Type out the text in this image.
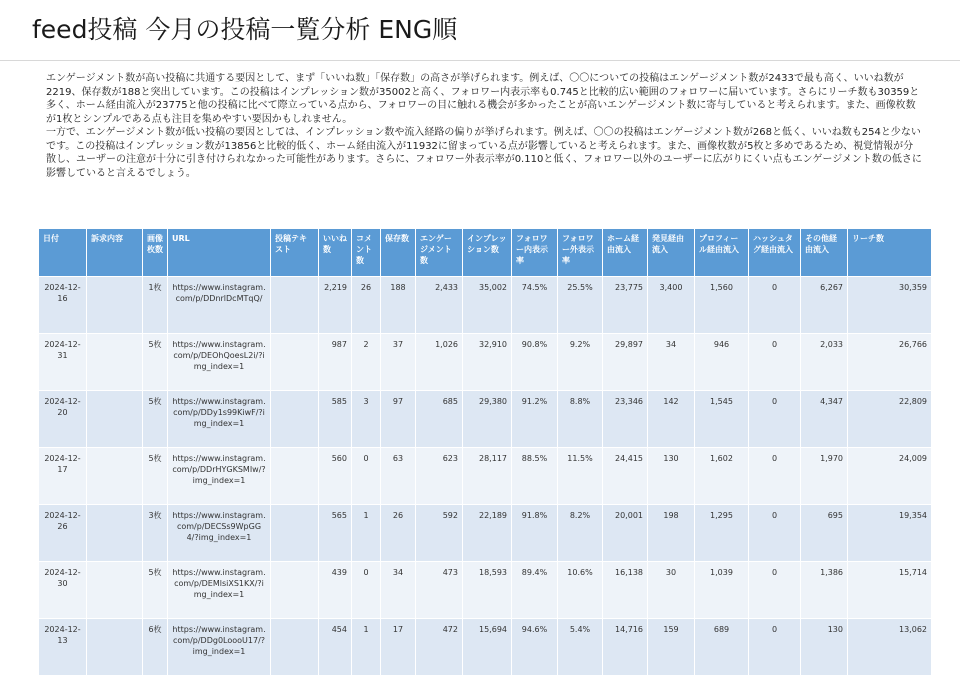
feed投稿 今月の投稿一覧分析 ENG順

エンゲージメント数が高い投稿に共通する要因として、まず「いいね数」「保存数」の高さが挙げられます。例えば、〇〇についての投稿はエンゲージメント数が2433で最も高く、いいね数が2219、保存数が188と突出しています。この投稿はインプレッション数が35002と高く、フォロワー内表示率も0.745と比較的広い範囲のフォロワーに届いています。さらにリーチ数も30359と多く、ホーム経由流入が23775と他の投稿に比べて際立っている点から、フォロワーの目に触れる機会が多かったことが高いエンゲージメント数に寄与していると考えられます。また、画像枚数が1枚とシンプルである点も注目を集めやすい要因かもしれません。

一方で、エンゲージメント数が低い投稿の要因としては、インプレッション数や流入経路の偏りが挙げられます。例えば、〇〇の投稿はエンゲージメント数が268と低く、いいね数も254と少ないです。この投稿はインプレッション数が13856と比較的低く、ホーム経由流入が11932に留まっている点が影響していると考えられます。また、画像枚数が5枚と多めであるため、視覚情報が分散し、ユーザーの注意が十分に引き付けられなかった可能性があります。さらに、フォロワー外表示率が0.110と低く、フォロワー以外のユーザーに広がりにくい点もエンゲージメント数の低さに影響していると言えるでしょう。

日付	訴求内容	画像枚数	URL	投稿テキスト	いいね数	コメント数	保存数	エンゲージメント数	インプレッション数	フォロワー内表示率	フォロワー外表示率	ホーム経由流入	発見経由流入	プロフィール経由流入	ハッシュタグ経由流入	その他経由流入	リーチ数
2024-12-16		1枚	https://www.instagram.com/p/DDnrlDcMTqQ/		2,219	26	188	2,433	35,002	74.5%	25.5%	23,775	3,400	1,560	0	6,267	30,359
2024-12-31		5枚	https://www.instagram.com/p/DEOhQoesL2i/?img_index=1		987	2	37	1,026	32,910	90.8%	9.2%	29,897	34	946	0	2,033	26,766
2024-12-20		5枚	https://www.instagram.com/p/DDy1s99KiwF/?img_index=1		585	3	97	685	29,380	91.2%	8.8%	23,346	142	1,545	0	4,347	22,809
2024-12-17		5枚	https://www.instagram.com/p/DDrHYGKSMIw/?img_index=1		560	0	63	623	28,117	88.5%	11.5%	24,415	130	1,602	0	1,970	24,009
2024-12-26		3枚	https://www.instagram.com/p/DECSs9WpGG4/?img_index=1		565	1	26	592	22,189	91.8%	8.2%	20,001	198	1,295	0	695	19,354
2024-12-30		5枚	https://www.instagram.com/p/DEMlsiXS1KX/?img_index=1		439	0	34	473	18,593	89.4%	10.6%	16,138	30	1,039	0	1,386	15,714
2024-12-13		6枚	https://www.instagram.com/p/DDg0LoooU17/?img_index=1		454	1	17	472	15,694	94.6%	5.4%	14,716	159	689	0	130	13,062
